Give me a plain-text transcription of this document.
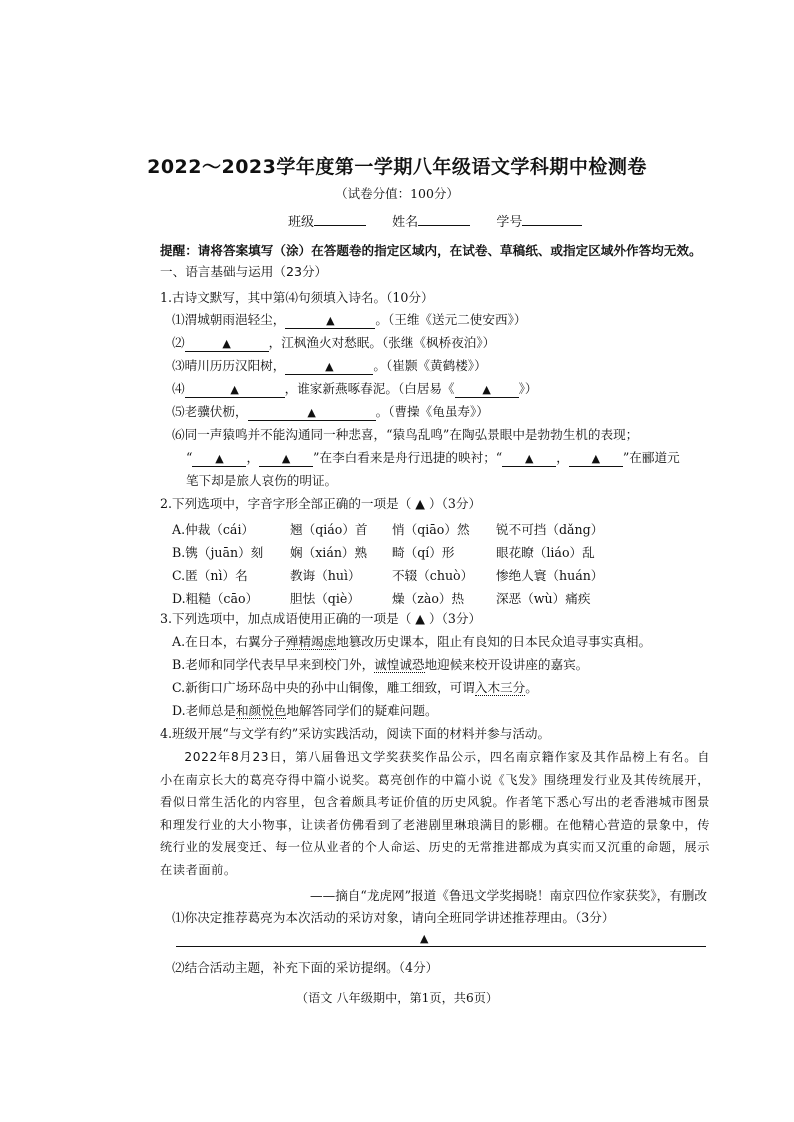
2022～2023学年度第一学期八年级语文学科期中检测卷
（试卷分值：100分）
班级	姓名	学号
提醒：请将答案填写（涂）在答题卷的指定区域内，在试卷、草稿纸、或指定区域外作答均无效。
一、语言基础与运用（23分）
1.古诗文默写，其中第⑷句须填入诗名。（10分）
⑴渭城朝雨浥轻尘，	▲	。（王维《送元二使安西》）
⑵	▲	，江枫渔火对愁眠。（张继《枫桥夜泊》）
⑶晴川历历汉阳树，	▲	。（崔颢《黄鹤楼》）
⑷	▲	，谁家新燕啄春泥。（白居易《	▲ 》）
⑸老骥伏枥，	▲	。（曹操《龟虽寿》）
⑹同一声猿鸣并不能沟通同一种悲喜，“猿鸟乱鸣”在陶弘景眼中是勃勃生机的表现；
“ ▲ ， ▲ ”在李白看来是舟行迅捷的映衬；“ ▲ ， ▲ ”在郦道元
笔下却是旅人哀伤的明证。
2.下列选项中，字音字形全部正确的一项是（ ▲ ）（3分）
A.仲裁（cái）	翘（qiáo）首 悄（qiāo）然 锐不可挡（dǎng）
B.镌（juān）刻 娴（xián）熟 畸（qí）形	眼花瞭（liáo）乱
C.匿（nì）名	教诲（huì） 不辍（chuò） 惨绝人寰（huán）
D.粗糙（cāo）	胆怯（qiè）	燥（zào）热	深恶（wù）痛疾
3.下列选项中，加点成语使用正确的一项是（ ▲ ）（3分）
A.在日本，右翼分子殚精竭虑地篡改历史课本，阻止有良知的日本民众追寻事实真相。
B.老师和同学代表早早来到校门外，诚惶诚恐地迎候来校开设讲座的嘉宾。
C.新街口广场环岛中央的孙中山铜像，雕工细致，可谓入木三分。
D.老师总是和颜悦色地解答同学们的疑难问题。
4.班级开展“与文学有约”采访实践活动，阅读下面的材料并参与活动。

2022年8月23日，第八届鲁迅文学奖获奖作品公示，四名南京籍作家及其作品榜上有名。自小在南京长大的葛亮夺得中篇小说奖。葛亮创作的中篇小说《飞发》围绕理发行业及其传统展开，看似日常生活化的内容里，包含着颇具考证价值的历史风貌。作者笔下悉心写出的老香港城市图景和理发行业的大小物事，让读者仿佛看到了老港剧里琳琅满目的影棚。在他精心营造的景象中，传统行业的发展变迁、每一位从业者的个人命运、历史的无常推进都成为真实而又沉重的命题，展示在读者面前。

——摘自“龙虎网”报道《鲁迅文学奖揭晓！南京四位作家获奖》，有删改
⑴你决定推荐葛亮为本次活动的采访对象，请向全班同学讲述推荐理由。（3分）
▲
⑵结合活动主题，补充下面的采访提纲。（4分）
（语文 八年级期中，第1页，共6页）
